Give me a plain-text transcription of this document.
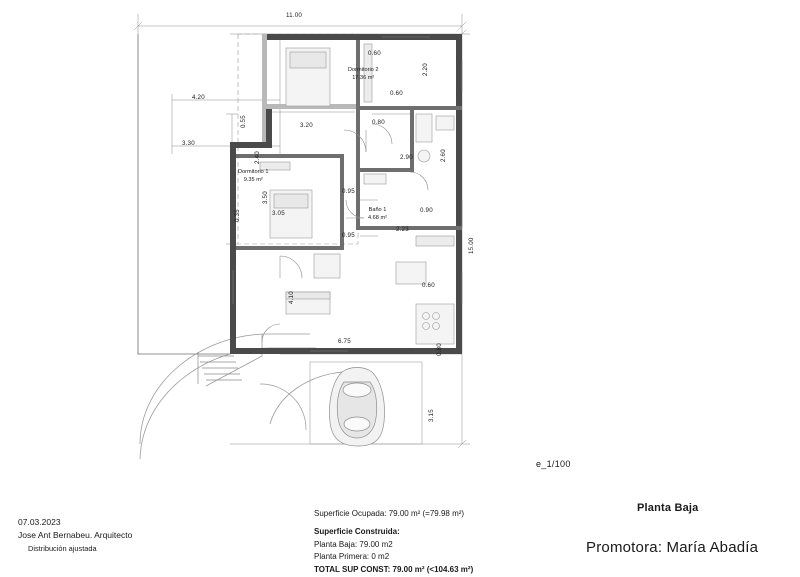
11.00
15.00
4.20
3.30
0.55
0.35
2.40
3.50
3.05
4.10
3.20	0.80
0.60
2.20
0.60
2.90	2.60
0.95
0.95
0.90
2.23
0.60
6.75
3.15
0.80
Dormitorio 2
17.36 m²
Dormitorio 1
9.35 m²
Baño 1
4.68 m²
e_1/100
07.03.2023
Jose Ant Bernabeu. Arquitecto
Distribución ajustada
Superficie Ocupada: 79.00 m² (=79.98 m²)
Superficie Construida:
Planta Baja: 79.00 m2
Planta Primera: 0 m2
TOTAL SUP CONST: 79.00 m² (<104.63 m²)
Planta Baja
Promotora: María Abadía
